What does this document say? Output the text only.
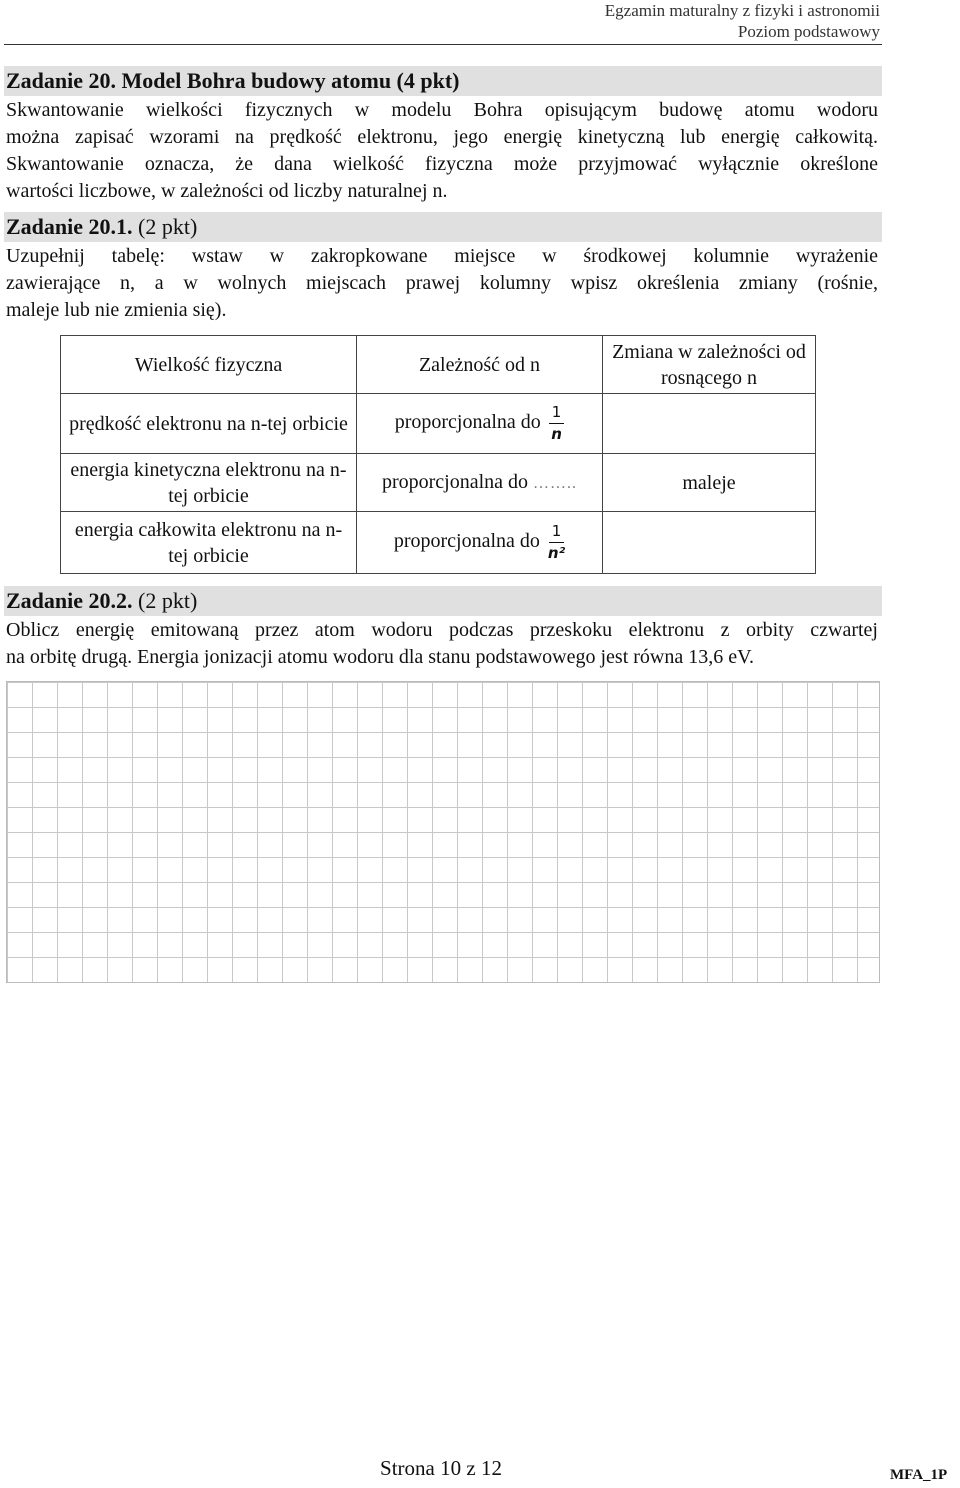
Egzamin maturalny z fizyki i astronomii
Poziom podstawowy
Zadanie 20. Model Bohra budowy atomu (4 pkt)
Skwantowanie wielkości fizycznych w modelu Bohra opisującym budowę atomu wodoru
można zapisać wzorami na prędkość elektronu, jego energię kinetyczną lub energię całkowitą.
Skwantowanie oznacza, że dana wielkość fizyczna może przyjmować wyłącznie określone
wartości liczbowe, w zależności od liczby naturalnej n.
Zadanie 20.1. (2 pkt)
Uzupełnij tabelę: wstaw w zakropkowane miejsce w środkowej kolumnie wyrażenie
zawierające n, a w wolnych miejscach prawej kolumny wpisz określenia zmiany (rośnie,
maleje lub nie zmienia się).
Wielkość fizyczna	Zależność od n	Zmiana w zależności od rosnącego n
prędkość elektronu na n-tej orbicie	proporcjonalna do $\frac{1}{n}$

energia kinetyczna elektronu na n-tej orbicie	proporcjonalna do ……..	maleje
energia całkowita elektronu na n-tej orbicie	proporcjonalna do $\frac{1}{\text{n²}}$

Zadanie 20.2. (2 pkt)
Oblicz energię emitowaną przez atom wodoru podczas przeskoku elektronu z orbity czwartej
na orbitę drugą. Energia jonizacji atomu wodoru dla stanu podstawowego jest równa 13,6 eV.
Strona 10 z 12	MFA_1P
